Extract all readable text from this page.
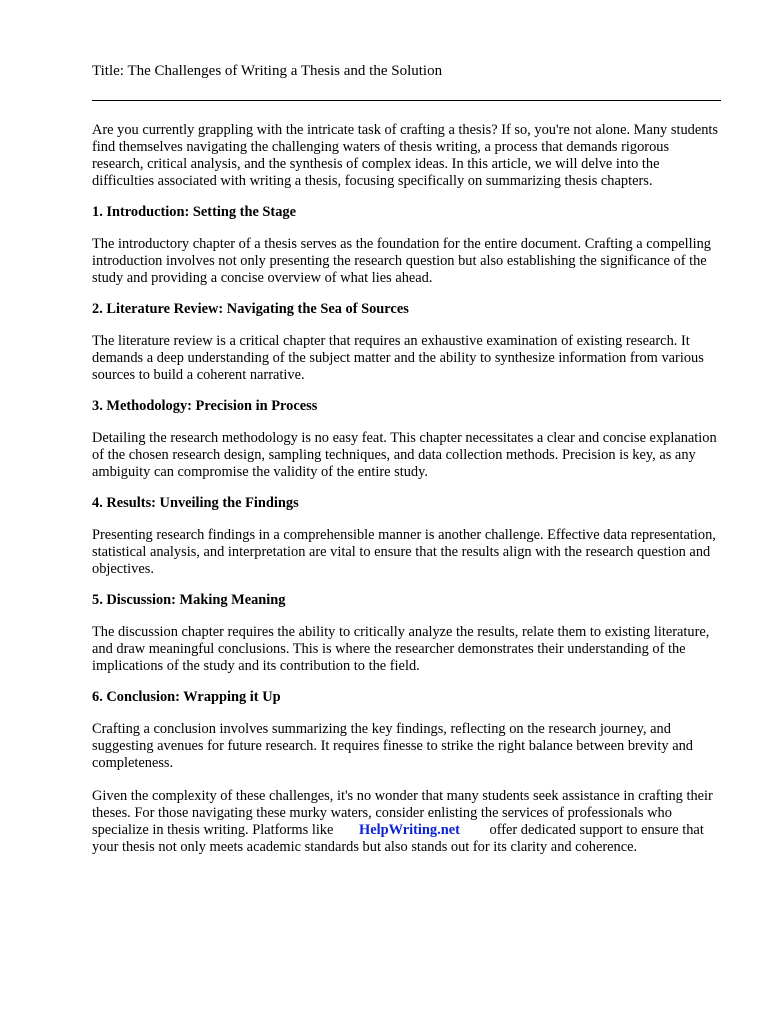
Title: The Challenges of Writing a Thesis and the Solution

Are you currently grappling with the intricate task of crafting a thesis? If so, you're not alone. Many students find themselves navigating the challenging waters of thesis writing, a process that demands rigorous research, critical analysis, and the synthesis of complex ideas. In this article, we will delve into the difficulties associated with writing a thesis, focusing specifically on summarizing thesis chapters.

1. Introduction: Setting the Stage

The introductory chapter of a thesis serves as the foundation for the entire document. Crafting a compelling introduction involves not only presenting the research question but also establishing the significance of the study and providing a concise overview of what lies ahead.

2. Literature Review: Navigating the Sea of Sources

The literature review is a critical chapter that requires an exhaustive examination of existing research. It demands a deep understanding of the subject matter and the ability to synthesize information from various sources to build a coherent narrative.

3. Methodology: Precision in Process

Detailing the research methodology is no easy feat. This chapter necessitates a clear and concise explanation of the chosen research design, sampling techniques, and data collection methods. Precision is key, as any ambiguity can compromise the validity of the entire study.

4. Results: Unveiling the Findings

Presenting research findings in a comprehensible manner is another challenge. Effective data representation, statistical analysis, and interpretation are vital to ensure that the results align with the research question and objectives.

5. Discussion: Making Meaning

The discussion chapter requires the ability to critically analyze the results, relate them to existing literature, and draw meaningful conclusions. This is where the researcher demonstrates their understanding of the implications of the study and its contribution to the field.

6. Conclusion: Wrapping it Up

Crafting a conclusion involves summarizing the key findings, reflecting on the research journey, and suggesting avenues for future research. It requires finesse to strike the right balance between brevity and completeness.

Given the complexity of these challenges, it's no wonder that many students seek assistance in crafting their theses. For those navigating these murky waters, consider enlisting the services of professionals who specialize in thesis writing. Platforms like HelpWriting.net offer dedicated support to ensure that your thesis not only meets academic standards but also stands out for its clarity and coherence.
